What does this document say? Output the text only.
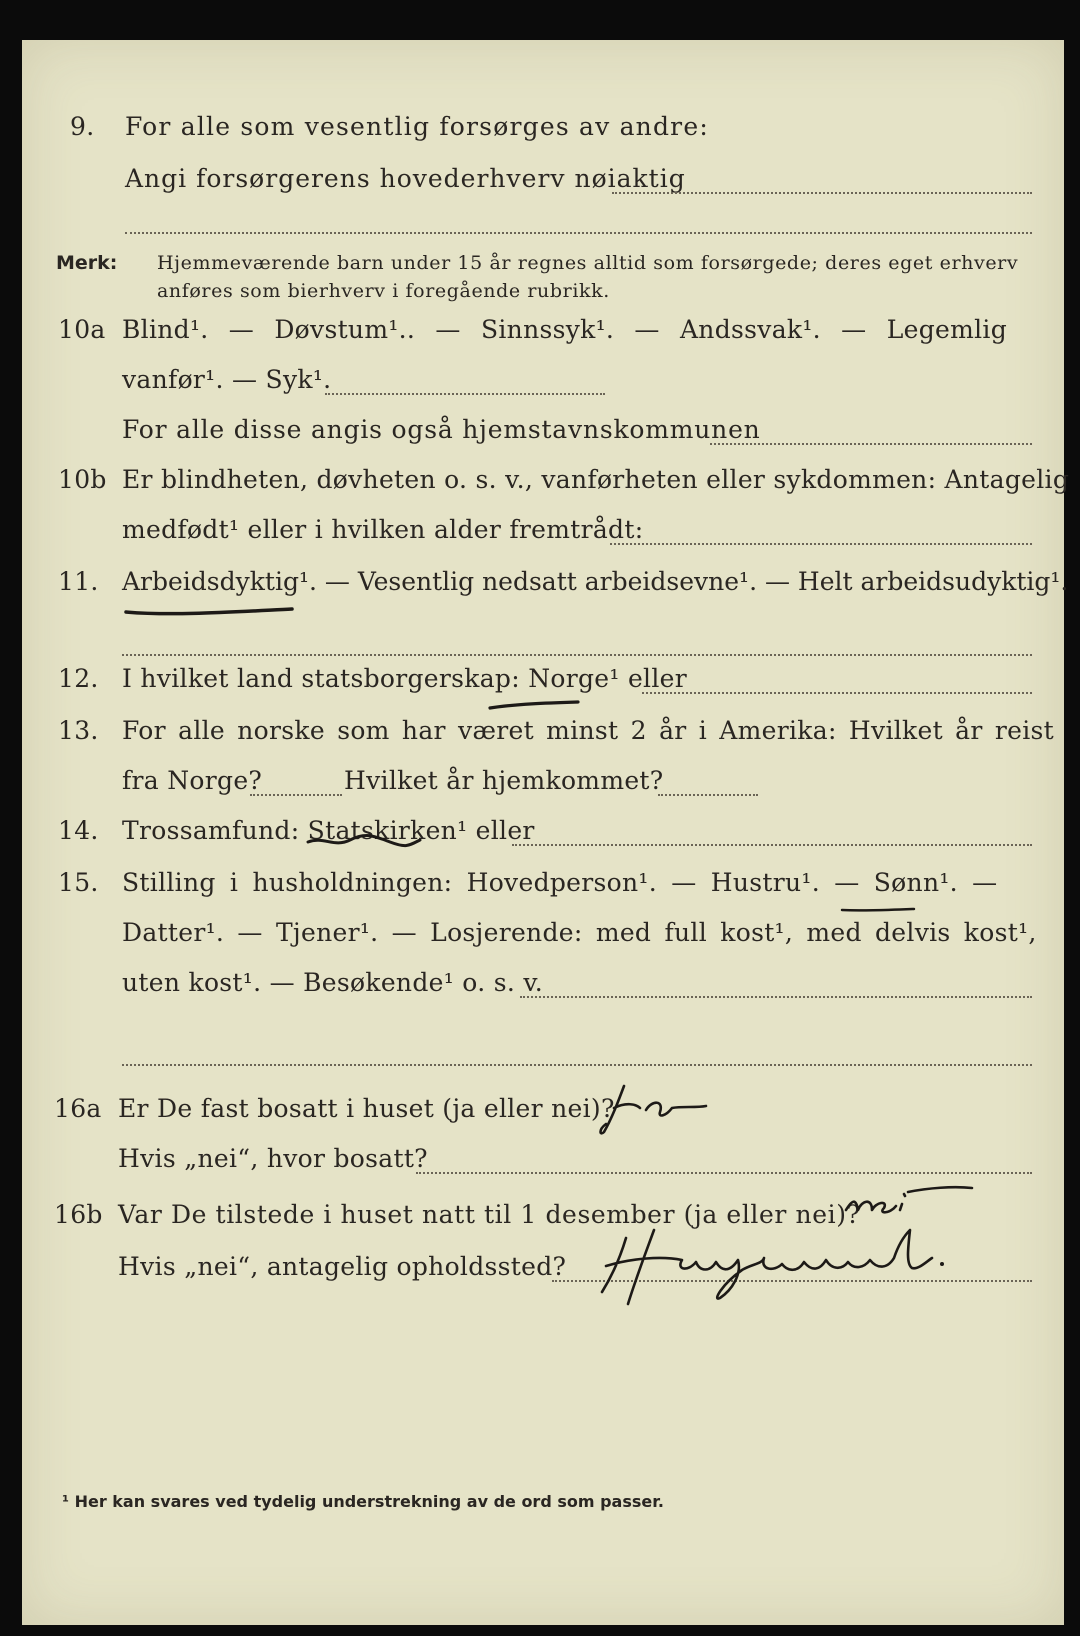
9. For alle som vesentlig forsørges av andre:
Angi forsørgerens hovederhverv nøiaktig
Merk: Hjemmeværende barn under 15 år regnes alltid som forsørgede; deres eget erhverv
anføres som bierhverv i foregående rubrikk.
10a Blind¹. — Døvstum¹.. — Sinnssyk¹. — Andssvak¹. — Legemlig
vanfør¹. — Syk¹.
For alle disse angis også hjemstavnskommunen
10b Er blindheten, døvheten o. s. v., vanførheten eller sykdommen: Antagelig
medfødt¹ eller i hvilken alder fremtrådt:
11. Arbeidsdyktig¹. — Vesentlig nedsatt arbeidsevne¹. — Helt arbeidsudyktig¹.
12. I hvilket land statsborgerskap: Norge¹ eller
13. For alle norske som har været minst 2 år i Amerika: Hvilket år reist
fra Norge?	Hvilket år hjemkommet?
14. Trossamfund: Statskirken¹ eller
15. Stilling i husholdningen: Hovedperson¹. — Hustru¹. — Sønn¹. —
Datter¹. — Tjener¹. — Losjerende: med full kost¹, med delvis kost¹,
uten kost¹. — Besøkende¹ o. s. v.
16a Er De fast bosatt i huset (ja eller nei)?
Hvis „nei“, hvor bosatt?
16b Var De tilstede i huset natt til 1 desember (ja eller nei)?
Hvis „nei“, antagelig opholdssted?
¹ Her kan svares ved tydelig understrekning av de ord som passer.
